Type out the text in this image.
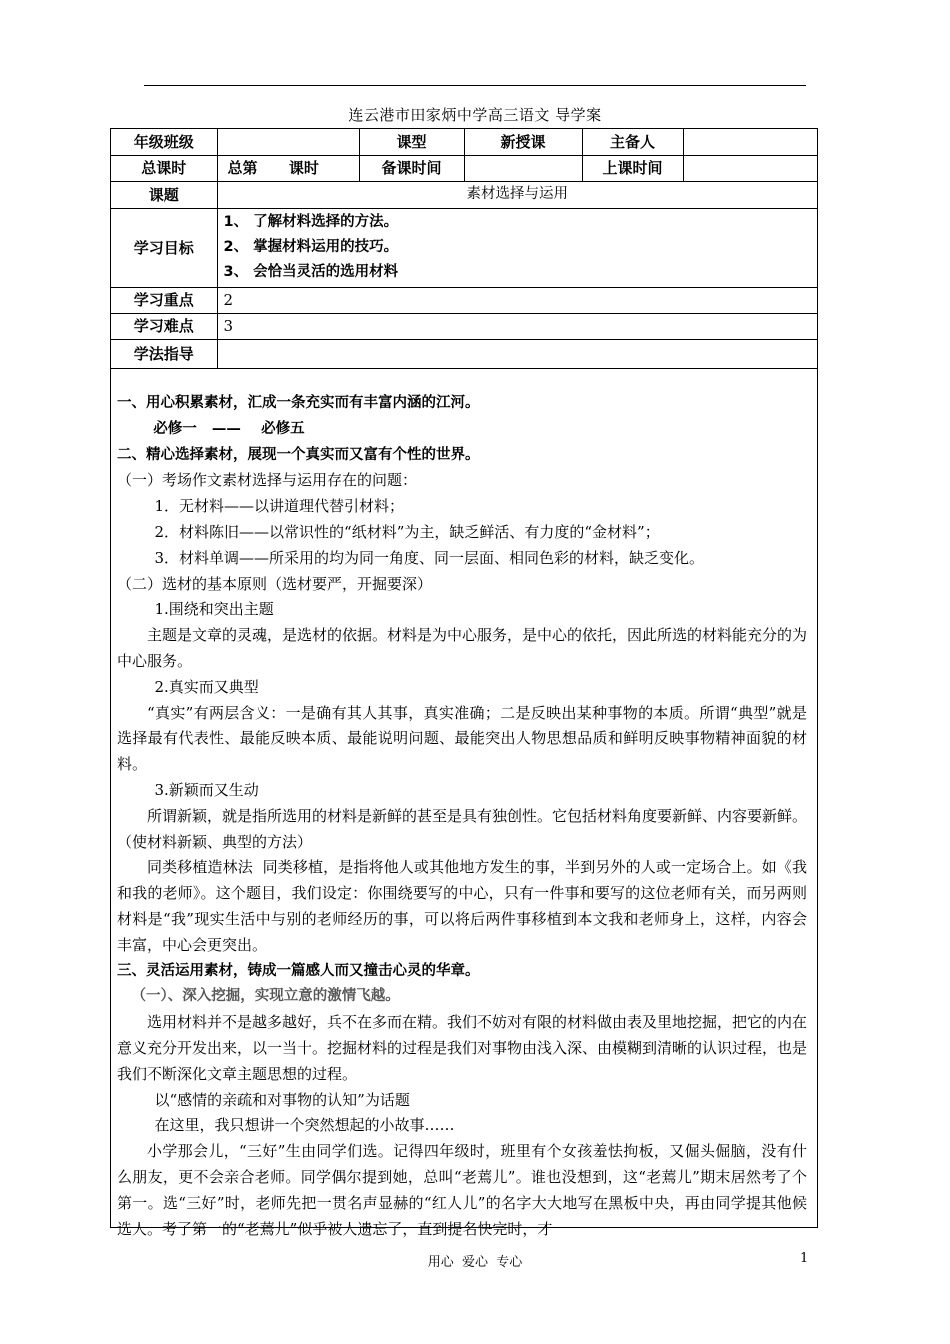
连云港市田家炳中学高三语文 导学案
年级班级		课型	新授课	主备人	
总课时	总第      课时	备课时间		上课时间	
课题	素材选择与运用				
学习目标	1、 了解材料选择的方法。
2、 掌握材料运用的技巧。
3、 会恰当灵活的选用材料				

学习重点	2				
学习难点	3				
学法指导					

一、用心积累素材，汇成一条充实而有丰富内涵的江河。

必修一   ——    必修五

二、精心选择素材，展现一个真实而又富有个性的世界。

（一）考场作文素材选择与运用存在的问题：

1．无材料——以讲道理代替引材料；

2．材料陈旧——以常识性的“纸材料”为主，缺乏鲜活、有力度的“金材料”；

3．材料单调——所采用的均为同一角度、同一层面、相同色彩的材料，缺乏变化。

（二）选材的基本原则（选材要严，开掘要深）

1.围绕和突出主题

主题是文章的灵魂，是选材的依据。材料是为中心服务，是中心的依托，因此所选的材料能充分的为中心服务。

2.真实而又典型

“真实”有两层含义：一是确有其人其事，真实准确；二是反映出某种事物的本质。所谓“典型”就是选择最有代表性、最能反映本质、最能说明问题、最能突出人物思想品质和鲜明反映事物精神面貌的材料。

3.新颖而又生动

所谓新颖，就是指所选用的材料是新鲜的甚至是具有独创性。它包括材料角度要新鲜、内容要新鲜。    （使材料新颖、典型的方法）

同类移植造林法  同类移植，是指将他人或其他地方发生的事，半到另外的人或一定场合上。如《我和我的老师》。这个题目，我们设定：你围绕要写的中心，只有一件事和要写的这位老师有关，而另两则材料是“我”现实生活中与别的老师经历的事，可以将后两件事移植到本文我和老师身上，这样，内容会丰富，中心会更突出。

三、灵活运用素材，铸成一篇感人而又撞击心灵的华章。

（一）、深入挖掘，实现立意的激情飞越。

选用材料并不是越多越好，兵不在多而在精。我们不妨对有限的材料做由表及里地挖掘，把它的内在意义充分开发出来，以一当十。挖掘材料的过程是我们对事物由浅入深、由模糊到清晰的认识过程，也是我们不断深化文章主题思想的过程。

以“感情的亲疏和对事物的认知”为话题

在这里，我只想讲一个突然想起的小故事……

小学那会儿，“三好”生由同学们选。记得四年级时，班里有个女孩羞怯拘板，又倔头倔脑，没有什么朋友，更不会亲合老师。同学偶尔提到她，总叫“老蔫儿”。谁也没想到，这“老蔫儿”期末居然考了个第一。选“三好”时，老师先把一贯名声显赫的“红人儿”的名字大大地写在黑板中央，再由同学提其他候选人。考了第一的“老蔫儿”似乎被人遗忘了，直到提名快完时，才

用心  爱心  专心	1
